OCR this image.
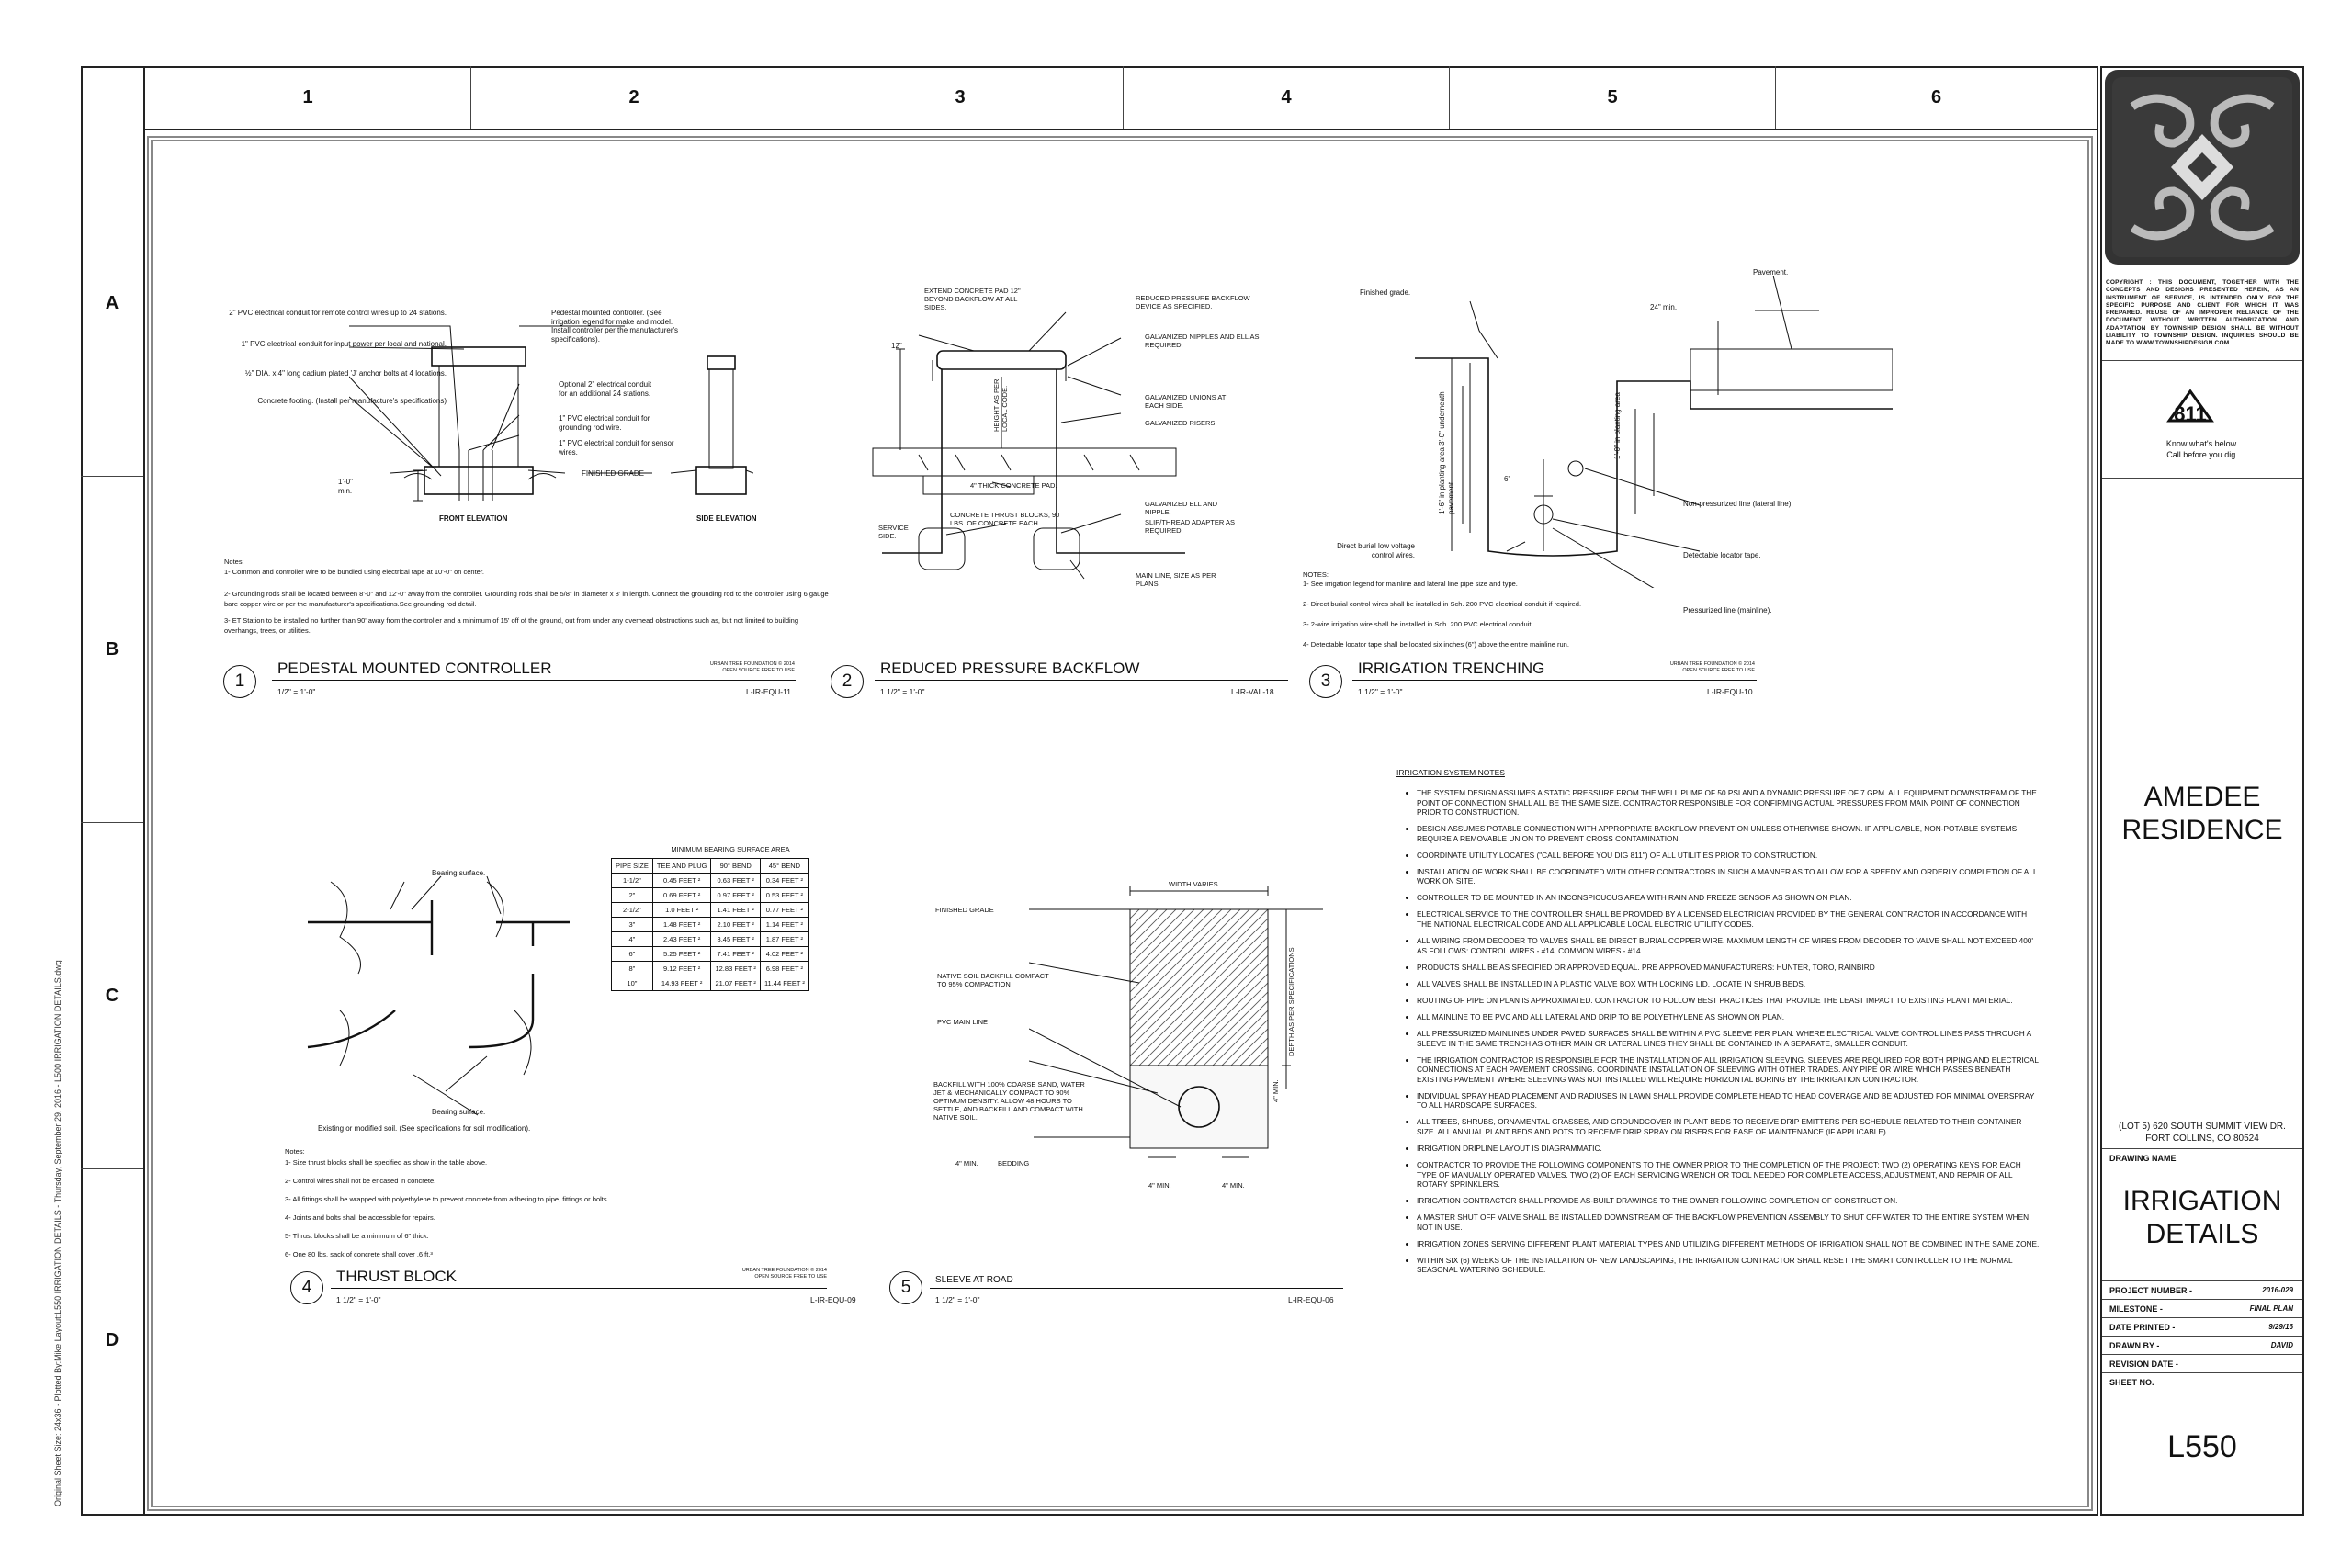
1	2	3	4	5	6
A
B
C
D
Original Sheet Size: 24x36 - Plotted By:Mike Layout:L550 IRRIGATION DETAILS - Thursday, September 29, 2016 - L500 IRRIGATION DETAILS.dwg
2" PVC electrical conduit for remote control wires up to 24 stations.
1" PVC electrical conduit for input power per local and national.
½" DIA. x 4" long cadium plated 'J' anchor bolts at 4 locations.
Concrete footing. (Install per manufacture's specifications)
Pedestal mounted controller. (See irrigation legend for make and model. Install controller per the manufacturer's specifications).
Optional 2" electrical conduit for an additional 24 stations.
1" PVC electrical conduit for grounding rod wire.
1" PVC electrical conduit for sensor wires.
FINISHED GRADE
1'-0" min.
FRONT ELEVATION	SIDE ELEVATION
Notes:
1- Common and controller wire to be bundled using electrical tape at 10'-0" on center.
2- Grounding rods shall be located between 8'-0" and 12'-0" away from the controller. Grounding rods shall be 5/8" in diameter x 8' in length. Connect the grounding rod to the controller using 6 gauge bare copper wire or per the manufacturer's specifications.See grounding rod detail.
3- ET Station to be installed no further than 90' away from the controller and a minimum of 15' off of the ground, out from under any overhead obstructions such as, but not limited to building overhangs, trees, or utilities.
1
PEDESTAL MOUNTED CONTROLLER
1/2" = 1'-0"	L-IR-EQU-11
URBAN TREE FOUNDATION © 2014
OPEN SOURCE FREE TO USE
EXTEND CONCRETE PAD 12" BEYOND BACKFLOW AT ALL SIDES.
REDUCED PRESSURE BACKFLOW DEVICE AS SPECIFIED.
GALVANIZED NIPPLES AND ELL AS REQUIRED.
GALVANIZED UNIONS AT EACH SIDE.
GALVANIZED RISERS.
4" THICK CONCRETE PAD.
CONCRETE THRUST BLOCKS, 90 LBS. OF CONCRETE EACH.
GALVANIZED ELL AND NIPPLE.
SLIP/THREAD ADAPTER AS REQUIRED.
SERVICE SIDE.
MAIN LINE, SIZE AS PER PLANS.
HEIGHT AS PER LOCAL CODE.
12"
2
REDUCED PRESSURE BACKFLOW
1 1/2" = 1'-0"	L-IR-VAL-18
Finished grade.
Pavement.
24" min.
1'-0" in planting area
1'-6" in planting area 3'-0" underneath pavement
6"
Non-pressurized line (lateral line).
Detectable locator tape.
Pressurized line (mainline).
Direct burial low voltage control wires.
NOTES:
1- See irrigation legend for mainline and lateral line pipe size and type.
2- Direct burial control wires shall be installed in Sch. 200 PVC electrical conduit if required.
3- 2-wire irrigation wire shall be installed in Sch. 200 PVC electrical conduit.
4- Detectable locator tape shall be located six inches (6") above the entire mainline run.
3
IRRIGATION TRENCHING
1 1/2" = 1'-0"	L-IR-EQU-10
URBAN TREE FOUNDATION © 2014
OPEN SOURCE FREE TO USE
Bearing surface.
Bearing surface.
Existing or modified soil. (See specifications for soil modification).
MINIMUM BEARING SURFACE AREA
PIPE SIZE	TEE AND PLUG	90° BEND	45° BEND
1-1/2"	0.45 FEET ²	0.63 FEET ²	0.34 FEET ²
2"	0.69 FEET ²	0.97 FEET ²	0.53 FEET ²
2-1/2"	1.0 FEET ²	1.41 FEET ²	0.77 FEET ²
3"	1.48 FEET ²	2.10 FEET ²	1.14 FEET ²
4"	2.43 FEET ²	3.45 FEET ²	1.87 FEET ²
6"	5.25 FEET ²	7.41 FEET ²	4.02 FEET ²
8"	9.12 FEET ²	12.83 FEET ²	6.98 FEET ²
10"	14.93 FEET ²	21.07 FEET ²	11.44 FEET ²
Notes:
1- Size thrust blocks shall be specified as show in the table above.
2- Control wires shall not be encased in concrete.
3- All fittings shall be wrapped with polyethylene to prevent concrete from adhering to pipe, fittings or bolts.
4- Joints and bolts shall be accessible for repairs.
5- Thrust blocks shall be a minimum of 6" thick.
6- One 80 lbs. sack of concrete shall cover .6 ft.³
4
THRUST BLOCK
1 1/2" = 1'-0"	L-IR-EQU-09
URBAN TREE FOUNDATION © 2014
OPEN SOURCE FREE TO USE
WIDTH VARIES
FINISHED GRADE
NATIVE SOIL BACKFILL COMPACT TO 95% COMPACTION
PVC MAIN LINE
BACKFILL WITH 100% COARSE SAND, WATER JET & MECHANICALLY COMPACT TO 90% OPTIMUM DENSITY. ALLOW 48 HOURS TO SETTLE, AND BACKFILL AND COMPACT WITH NATIVE SOIL.
4" MIN.	BEDDING
4" MIN.	4" MIN.
DEPTH AS PER SPECIFICATIONS
4" MIN.
5	SLEEVE AT ROAD
1 1/2" = 1'-0"	L-IR-EQU-06
IRRIGATION SYSTEM NOTES
• THE SYSTEM DESIGN ASSUMES A STATIC PRESSURE FROM THE WELL PUMP OF 50 PSI AND A DYNAMIC PRESSURE OF 7 GPM. ALL EQUIPMENT DOWNSTREAM OF THE POINT OF CONNECTION SHALL ALL BE THE SAME SIZE. CONTRACTOR RESPONSIBLE FOR CONFIRMING ACTUAL PRESSURES FROM MAIN POINT OF CONNECTION PRIOR TO CONSTRUCTION.
• DESIGN ASSUMES POTABLE CONNECTION WITH APPROPRIATE BACKFLOW PREVENTION UNLESS OTHERWISE SHOWN. IF APPLICABLE, NON-POTABLE SYSTEMS REQUIRE A REMOVABLE UNION TO PREVENT CROSS CONTAMINATION.
• COORDINATE UTILITY LOCATES ("CALL BEFORE YOU DIG 811") OF ALL UTILITIES PRIOR TO CONSTRUCTION.
• INSTALLATION OF WORK SHALL BE COORDINATED WITH OTHER CONTRACTORS IN SUCH A MANNER AS TO ALLOW FOR A SPEEDY AND ORDERLY COMPLETION OF ALL WORK ON SITE.
• CONTROLLER TO BE MOUNTED IN AN INCONSPICUOUS AREA WITH RAIN AND FREEZE SENSOR AS SHOWN ON PLAN.
• ELECTRICAL SERVICE TO THE CONTROLLER SHALL BE PROVIDED BY A LICENSED ELECTRICIAN PROVIDED BY THE GENERAL CONTRACTOR IN ACCORDANCE WITH THE NATIONAL ELECTRICAL CODE AND ALL APPLICABLE LOCAL ELECTRIC UTILITY CODES.
• ALL WIRING FROM DECODER TO VALVES SHALL BE DIRECT BURIAL COPPER WIRE. MAXIMUM LENGTH OF WIRES FROM DECODER TO VALVE SHALL NOT EXCEED 400' AS FOLLOWS: CONTROL WIRES - #14, COMMON WIRES - #14
• PRODUCTS SHALL BE AS SPECIFIED OR APPROVED EQUAL. PRE APPROVED MANUFACTURERS: HUNTER, TORO, RAINBIRD
• ALL VALVES SHALL BE INSTALLED IN A PLASTIC VALVE BOX WITH LOCKING LID. LOCATE IN SHRUB BEDS.
• ROUTING OF PIPE ON PLAN IS APPROXIMATED. CONTRACTOR TO FOLLOW BEST PRACTICES THAT PROVIDE THE LEAST IMPACT TO EXISTING PLANT MATERIAL.
• ALL MAINLINE TO BE PVC AND ALL LATERAL AND DRIP TO BE POLYETHYLENE AS SHOWN ON PLAN.
• ALL PRESSURIZED MAINLINES UNDER PAVED SURFACES SHALL BE WITHIN A PVC SLEEVE PER PLAN. WHERE ELECTRICAL VALVE CONTROL LINES PASS THROUGH A SLEEVE IN THE SAME TRENCH AS OTHER MAIN OR LATERAL LINES THEY SHALL BE CONTAINED IN A SEPARATE, SMALLER CONDUIT.
• THE IRRIGATION CONTRACTOR IS RESPONSIBLE FOR THE INSTALLATION OF ALL IRRIGATION SLEEVING. SLEEVES ARE REQUIRED FOR BOTH PIPING AND ELECTRICAL CONNECTIONS AT EACH PAVEMENT CROSSING. COORDINATE INSTALLATION OF SLEEVING WITH OTHER TRADES. ANY PIPE OR WIRE WHICH PASSES BENEATH EXISTING PAVEMENT WHERE SLEEVING WAS NOT INSTALLED WILL REQUIRE HORIZONTAL BORING BY THE IRRIGATION CONTRACTOR.
• INDIVIDUAL SPRAY HEAD PLACEMENT AND RADIUSES IN LAWN SHALL PROVIDE COMPLETE HEAD TO HEAD COVERAGE AND BE ADJUSTED FOR MINIMAL OVERSPRAY TO ALL HARDSCAPE SURFACES.
• ALL TREES, SHRUBS, ORNAMENTAL GRASSES, AND GROUNDCOVER IN PLANT BEDS TO RECEIVE DRIP EMITTERS PER SCHEDULE RELATED TO THEIR CONTAINER SIZE. ALL ANNUAL PLANT BEDS AND POTS TO RECEIVE DRIP SPRAY ON RISERS FOR EASE OF MAINTENANCE (IF APPLICABLE).
• IRRIGATION DRIPLINE LAYOUT IS DIAGRAMMATIC.
• CONTRACTOR TO PROVIDE THE FOLLOWING COMPONENTS TO THE OWNER PRIOR TO THE COMPLETION OF THE PROJECT: TWO (2) OPERATING KEYS FOR EACH TYPE OF MANUALLY OPERATED VALVES. TWO (2) OF EACH SERVICING WRENCH OR TOOL NEEDED FOR COMPLETE ACCESS, ADJUSTMENT, AND REPAIR OF ALL ROTARY SPRINKLERS.
• IRRIGATION CONTRACTOR SHALL PROVIDE AS-BUILT DRAWINGS TO THE OWNER FOLLOWING COMPLETION OF CONSTRUCTION.
• A MASTER SHUT OFF VALVE SHALL BE INSTALLED DOWNSTREAM OF THE BACKFLOW PREVENTION ASSEMBLY TO SHUT OFF WATER TO THE ENTIRE SYSTEM WHEN NOT IN USE.
• IRRIGATION ZONES SERVING DIFFERENT PLANT MATERIAL TYPES AND UTILIZING DIFFERENT METHODS OF IRRIGATION SHALL NOT BE COMBINED IN THE SAME ZONE.
• WITHIN SIX (6) WEEKS OF THE INSTALLATION OF NEW LANDSCAPING, THE IRRIGATION CONTRACTOR SHALL RESET THE SMART CONTROLLER TO THE NORMAL SEASONAL WATERING SCHEDULE.
COPYRIGHT : THIS DOCUMENT, TOGETHER WITH THE CONCEPTS AND DESIGNS PRESENTED HEREIN, AS AN INSTRUMENT OF SERVICE, IS INTENDED ONLY FOR THE SPECIFIC PURPOSE AND CLIENT FOR WHICH IT WAS PREPARED. REUSE OF AN IMPROPER RELIANCE OF THE DOCUMENT WITHOUT WRITTEN AUTHORIZATION AND ADAPTATION BY TOWNSHIP DESIGN SHALL BE WITHOUT LIABILITY TO TOWNSHIP DESIGN. INQUIRIES SHOULD BE MADE TO WWW.TOWNSHIPDESIGN.COM
811
Know what's below.
Call before you dig.
AMEDEE
RESIDENCE
(LOT 5) 620 SOUTH SUMMIT VIEW DR.
FORT COLLINS, CO 80524
DRAWING NAME
IRRIGATION
DETAILS
PROJECT NUMBER -	2016-029
MILESTONE -	FINAL PLAN
DATE PRINTED -	9/29/16
DRAWN BY -	DAVID
REVISION DATE -
SHEET NO.
L550
